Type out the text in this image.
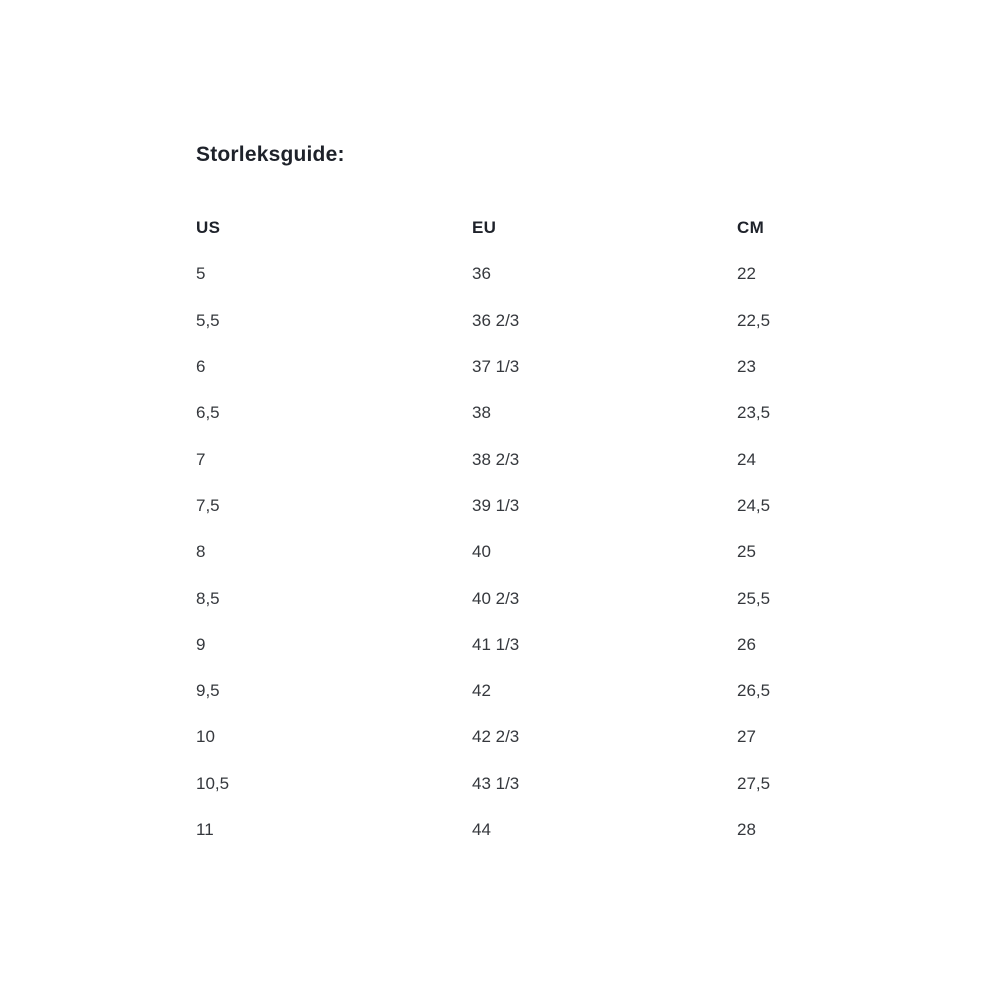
Storleksguide:
US	EU	CM
5	36	22
5,5	36 2/3	22,5
6	37 1/3	23
6,5	38	23,5
7	38 2/3	24
7,5	39 1/3	24,5
8	40	25
8,5	40 2/3	25,5
9	41 1/3	26
9,5	42	26,5
10	42 2/3	27
10,5	43 1/3	27,5
11	44	28
